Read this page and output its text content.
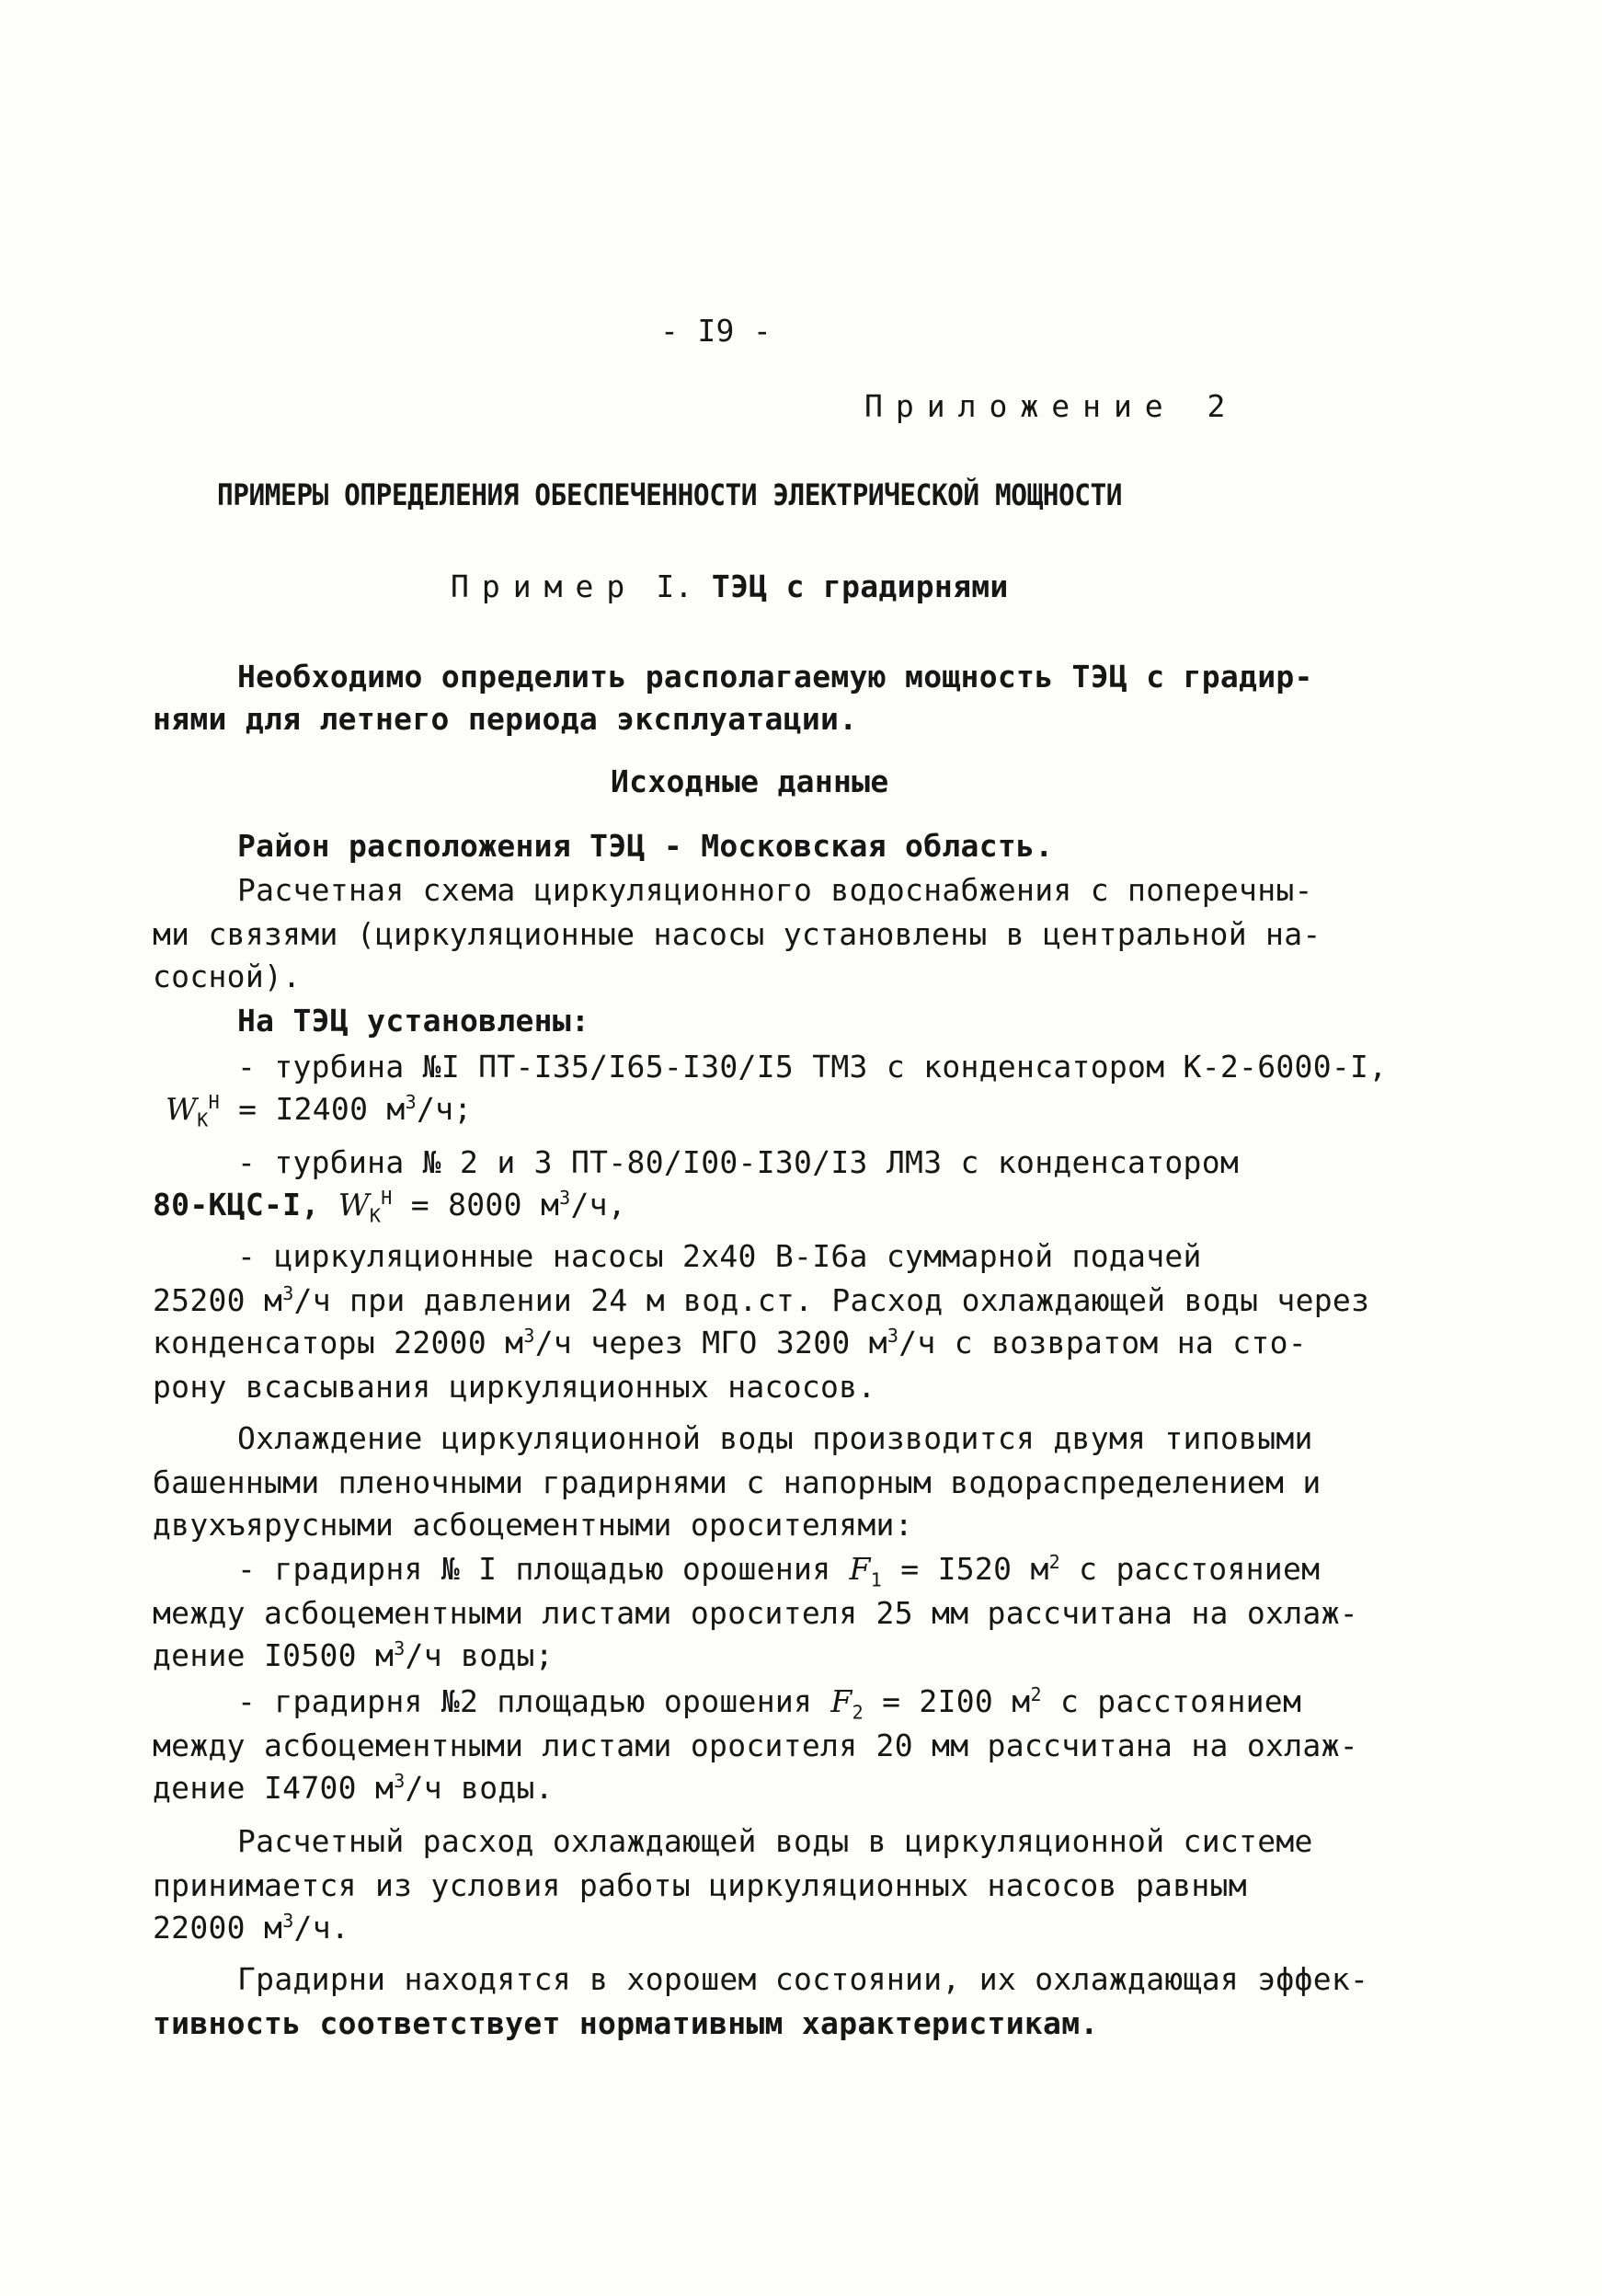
- I9 -
Приложение 2
ПРИМЕРЫ ОПРЕДЕЛЕНИЯ ОБЕСПЕЧЕННОСТИ ЭЛЕКТРИЧЕСКОЙ МОЩНОСТИ
Пример I. ТЭЦ с градирнями
Необходимо определить располагаемую мощность ТЭЦ с градир-
нями для летнего периода эксплуатации.
Исходные данные
Район расположения ТЭЦ - Московская область.
Расчетная схема циркуляционного водоснабжения с поперечны-
ми связями (циркуляционные насосы установлены в центральной на-
сосной).
На ТЭЦ установлены:
- турбина №I ПТ-I35/I65-I30/I5 ТМЗ с конденсатором К-2-6000-I,
$W_К^Н = I2400$ $м^3/ч$;
- турбина № 2 и 3 ПТ-80/I00-I30/I3 ЛМЗ с конденсатором
80-КЦС-I, $W_К^Н = 8000$ $м^3/ч$,
- циркуляционные насосы 2х40 В-I6а суммарной подачей
25200 $м^3/ч$ при давлении 24 м вод.ст. Расход охлаждающей воды через
конденсаторы 22000 $м^3/ч$ через МГО 3200 $м^3/ч$ с возвратом на сто-
рону всасывания циркуляционных насосов.
Охлаждение циркуляционной воды производится двумя типовыми
башенными пленочными градирнями с напорным водораспределением и
двухъярусными асбоцементными оросителями:
- градирня № I площадью орошения $F_1 = I520$ $м^2$ с расстоянием
между асбоцементными листами оросителя 25 мм рассчитана на охлаж-
дение I0500 $м^3/ч$ воды;
- градирня №2 площадью орошения $F_2 = 2I00$ $м^2$ с расстоянием
между асбоцементными листами оросителя 20 мм рассчитана на охлаж-
дение I4700 $м^3/ч$ воды.
Расчетный расход охлаждающей воды в циркуляционной системе
принимается из условия работы циркуляционных насосов равным
22000 $м^3/ч$.
Градирни находятся в хорошем состоянии, их охлаждающая эффек-
тивность соответствует нормативным характеристикам.
